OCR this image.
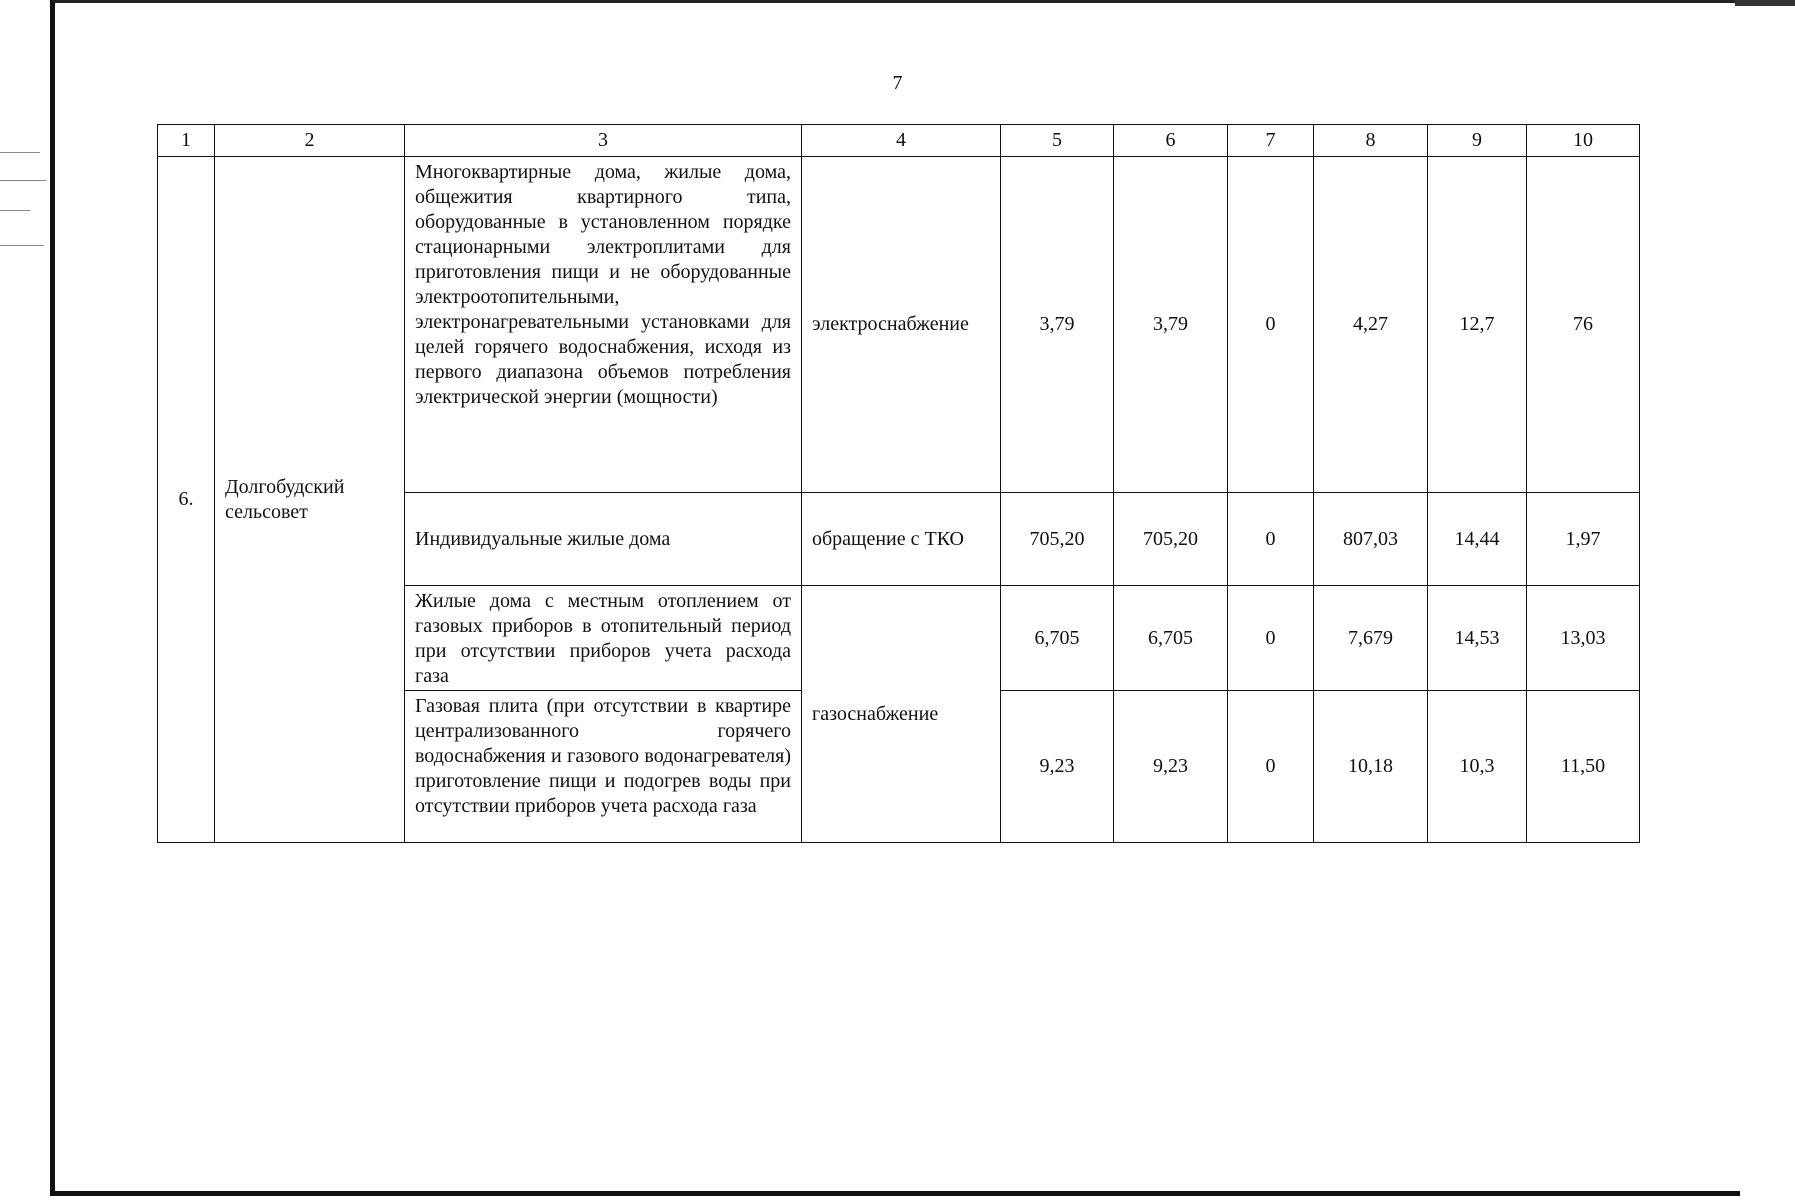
7
1	2	3	4	5	6	7	8	9	10
6.	Долгобудский сельсовет	Многоквартирные дома, жилые дома, общежития квартирного типа, оборудованные в установленном порядке стационарными электроплитами для приготовления пищи и не оборудованные электроотопительными, электронагревательными установками для целей горячего водоснабжения, исходя из первого диапазона объемов потребления электрической энергии (мощности)	электроснабжение	3,79	3,79	0	4,27	12,7	76
		Индивидуальные жилые дома	обращение с ТКО	705,20	705,20	0	807,03	14,44	1,97
		Жилые дома с местным отоплением от газовых приборов в отопительный период при отсутствии приборов учета расхода газа	газоснабжение	6,705	6,705	0	7,679	14,53	13,03
		Газовая плита (при отсутствии в квартире централизованного горячего водоснабжения и газового водонагревателя) приготовление пищи и подогрев воды при отсутствии приборов учета расхода газа		9,23	9,23	0	10,18	10,3	11,50
